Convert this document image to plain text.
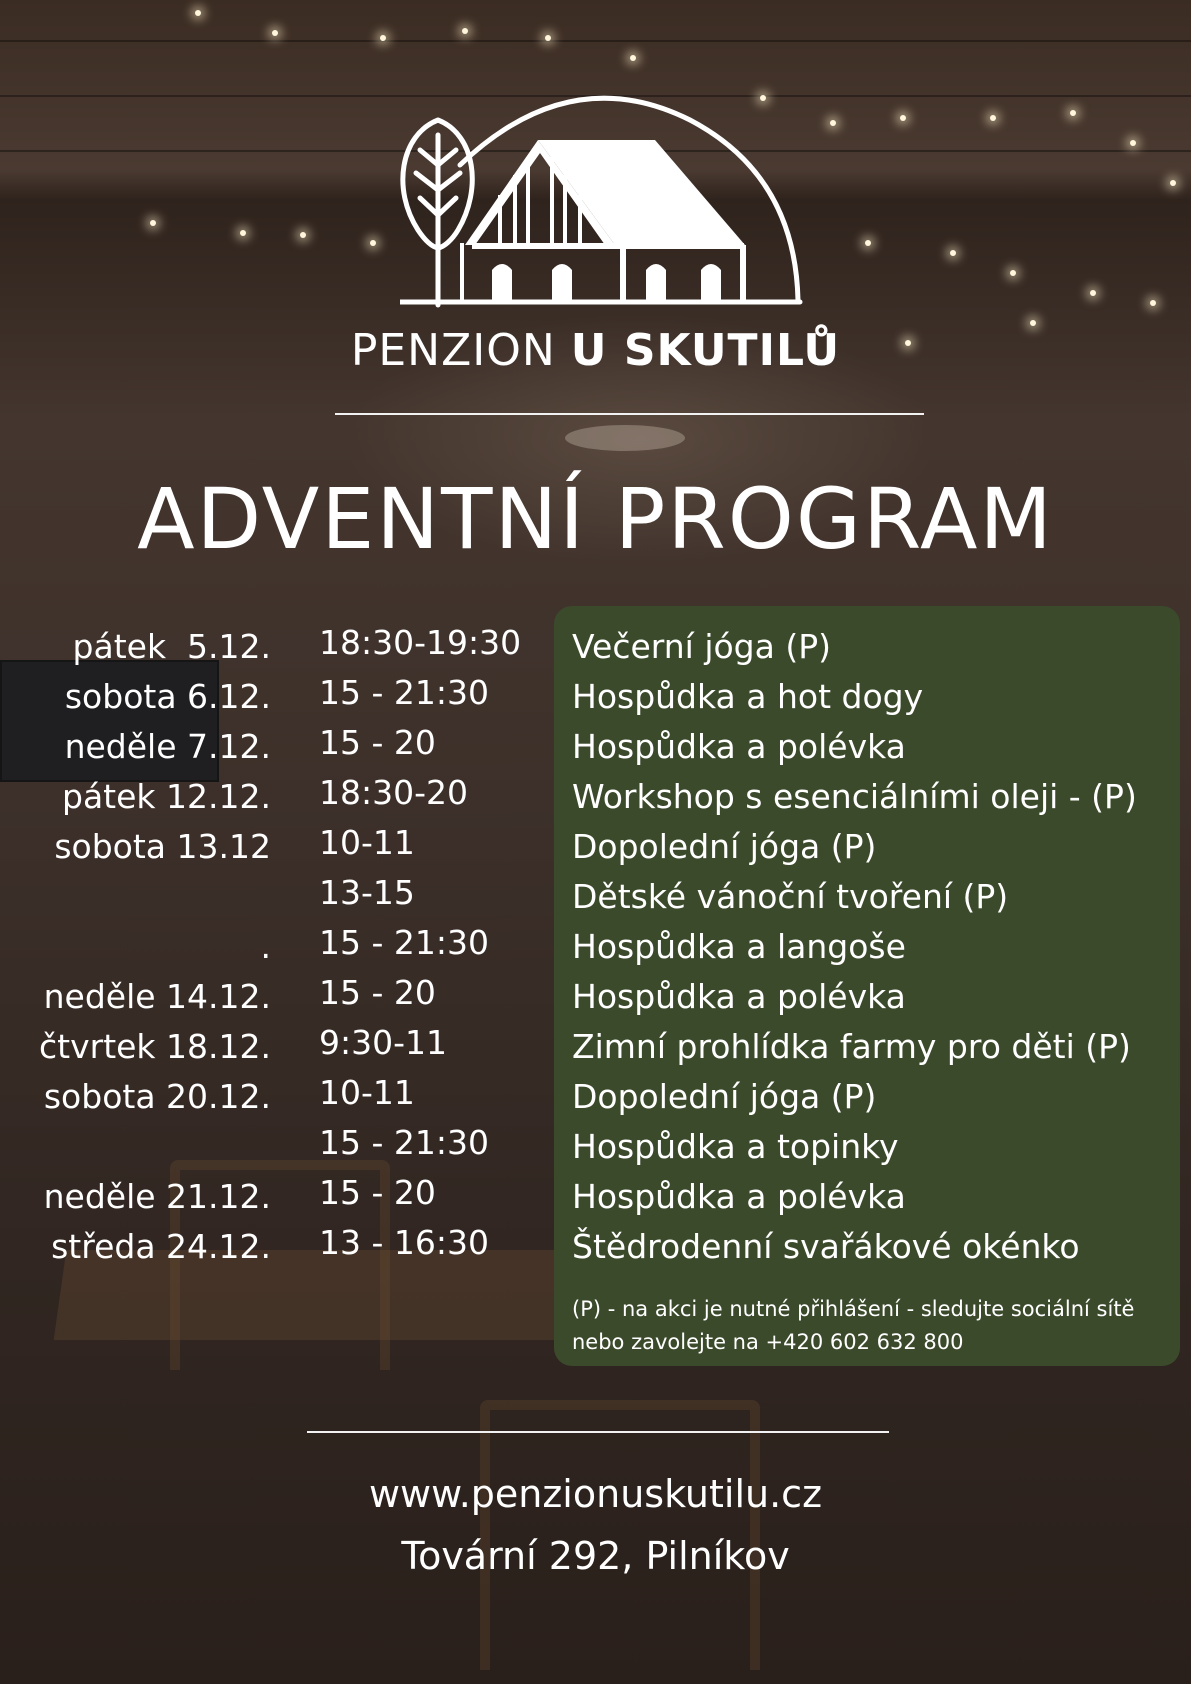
PENZION U SKUTILŮ
ADVENTNÍ PROGRAM
pátek  5.12. 18:30-19:30 Večerní jóga (P)
sobota 6.12. 15 - 21:30	Hospůdka a hot dogy
neděle 7.12. 15 - 20	Hospůdka a polévka
pátek 12.12. 18:30-20	Workshop s esenciálními oleji - (P)
sobota 13.12 10-11	Dopolední jóga (P)
13-15	Dětské vánoční tvoření (P)
. 15 - 21:30	Hospůdka a langoše
neděle 14.12. 15 - 20	Hospůdka a polévka
čtvrtek 18.12. 9:30-11	Zimní prohlídka farmy pro děti (P)
sobota 20.12. 10-11	Dopolední jóga (P)
15 - 21:30	Hospůdka a topinky
neděle 21.12. 15 - 20	Hospůdka a polévka
středa 24.12. 13 - 16:30	Štědrodenní svařákové okénko
(P) - na akci je nutné přihlášení - sledujte sociální sítě
nebo zavolejte na +420 602 632 800
www.penzionuskutilu.cz
Tovární 292, Pilníkov
